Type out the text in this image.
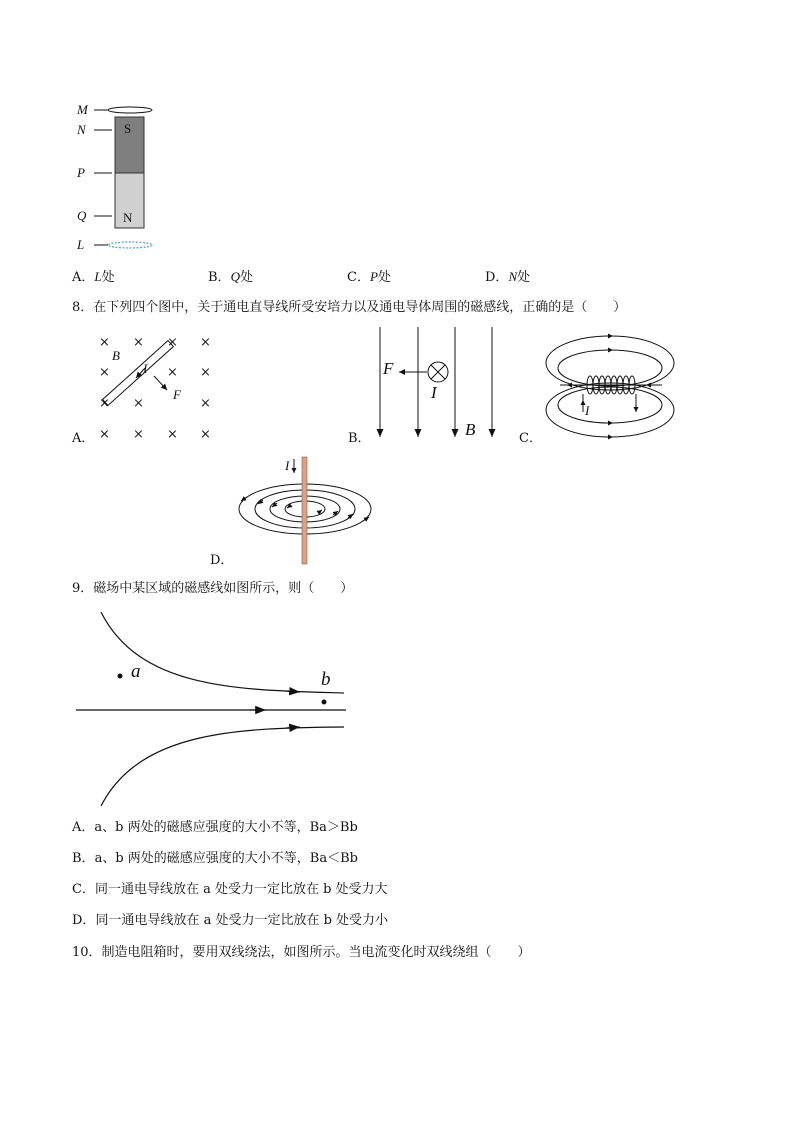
M
N
P
Q
L
S
N
A．L处	B．Q处	C．P处	D．N处
8．在下列四个图中，关于通电直导线所受安培力以及通电导体周围的磁感线，正确的是（　　）
× × × ×
×	× ×
× ×	×
× × × ×
B
I
F
A．
F
I
B
B．
I
C．
I
D．
9．磁场中某区域的磁感线如图所示，则（　　）
a	b
A．a、b 两处的磁感应强度的大小不等，Ba＞Bb
B．a、b 两处的磁感应强度的大小不等，Ba＜Bb
C．同一通电导线放在 a 处受力一定比放在 b 处受力大
D．同一通电导线放在 a 处受力一定比放在 b 处受力小
10．制造电阻箱时，要用双线绕法，如图所示。当电流变化时双线绕组（　　）
